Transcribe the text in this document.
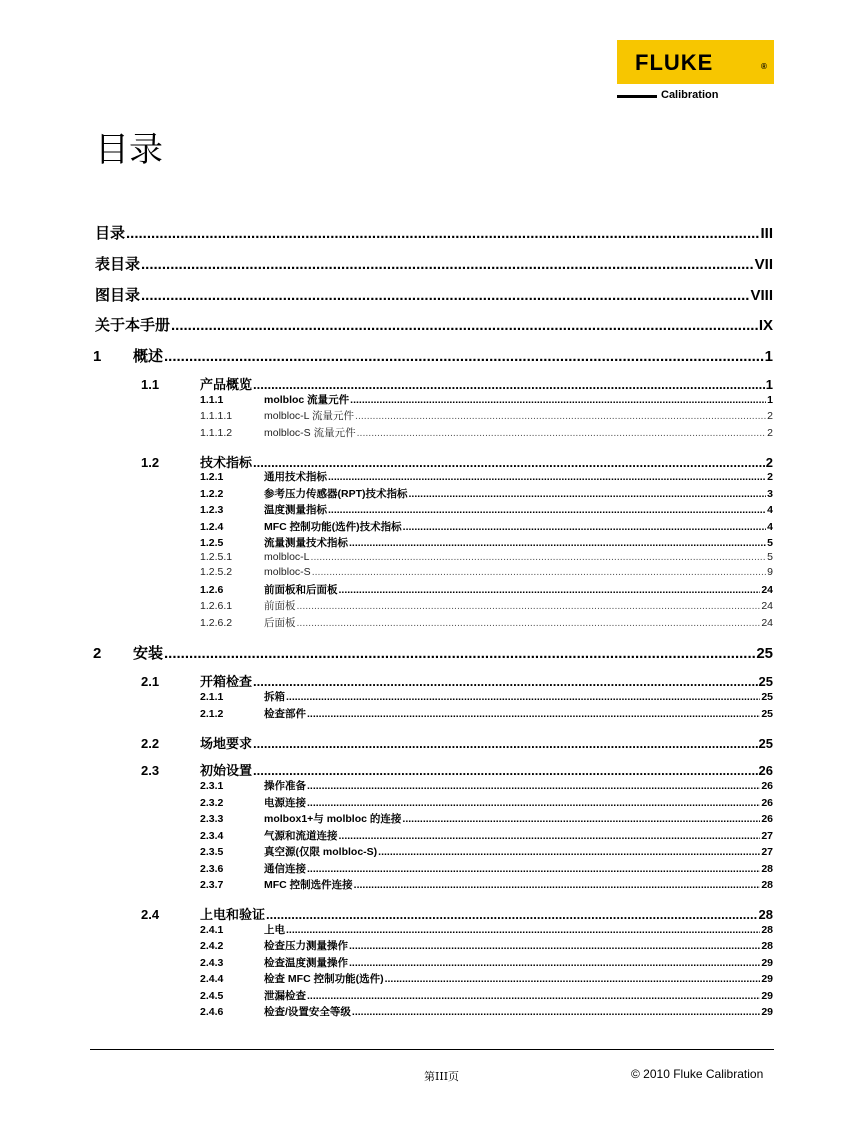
FLUKE	®
Calibration
目录
目录 .....	III
表目录 .....	VII
图目录 .....	VIII
关于本手册 .....	IX
1	概述 .....	1
1.1	产品概览 .....	1
1.1.1	molbloc 流量元件 .....	1
1.1.1.1	molbloc-L 流量元件 .....	2
1.1.1.2	molbloc-S 流量元件 .....	2
1.2	技术指标 .....	2
1.2.1	通用技术指标 .....	2
1.2.2	参考压力传感器(RPT)技术指标 .....	3
1.2.3	温度测量指标 .....	4
1.2.4	MFC 控制功能(选件)技术指标 .....	4
1.2.5	流量测量技术指标 .....	5
1.2.5.1	molbloc-L .....	5
1.2.5.2	molbloc-S .....	9
1.2.6	前面板和后面板 .....	24
1.2.6.1	前面板 .....	24
1.2.6.2	后面板 .....	24
2	安装 .....	25
2.1	开箱检查 .....	25
2.1.1	拆箱 .....	25
2.1.2	检查部件 .....	25
2.2	场地要求 .....	25
2.3	初始设置 .....	26
2.3.1	操作准备 .....	26
2.3.2	电源连接 .....	26
2.3.3	molbox1+与 molbloc 的连接 .....	26
2.3.4	气源和流道连接 .....	27
2.3.5	真空源(仅限 molbloc-S) .....	27
2.3.6	通信连接 .....	28
2.3.7	MFC 控制选件连接 .....	28
2.4	上电和验证 .....	28
2.4.1	上电 .....	28
2.4.2	检查压力测量操作 .....	28
2.4.3	检查温度测量操作 .....	29
2.4.4	检查 MFC 控制功能(选件) .....	29
2.4.5	泄漏检查 .....	29
2.4.6	检查/设置安全等级 .....	29
第III页	© 2010 Fluke Calibration
